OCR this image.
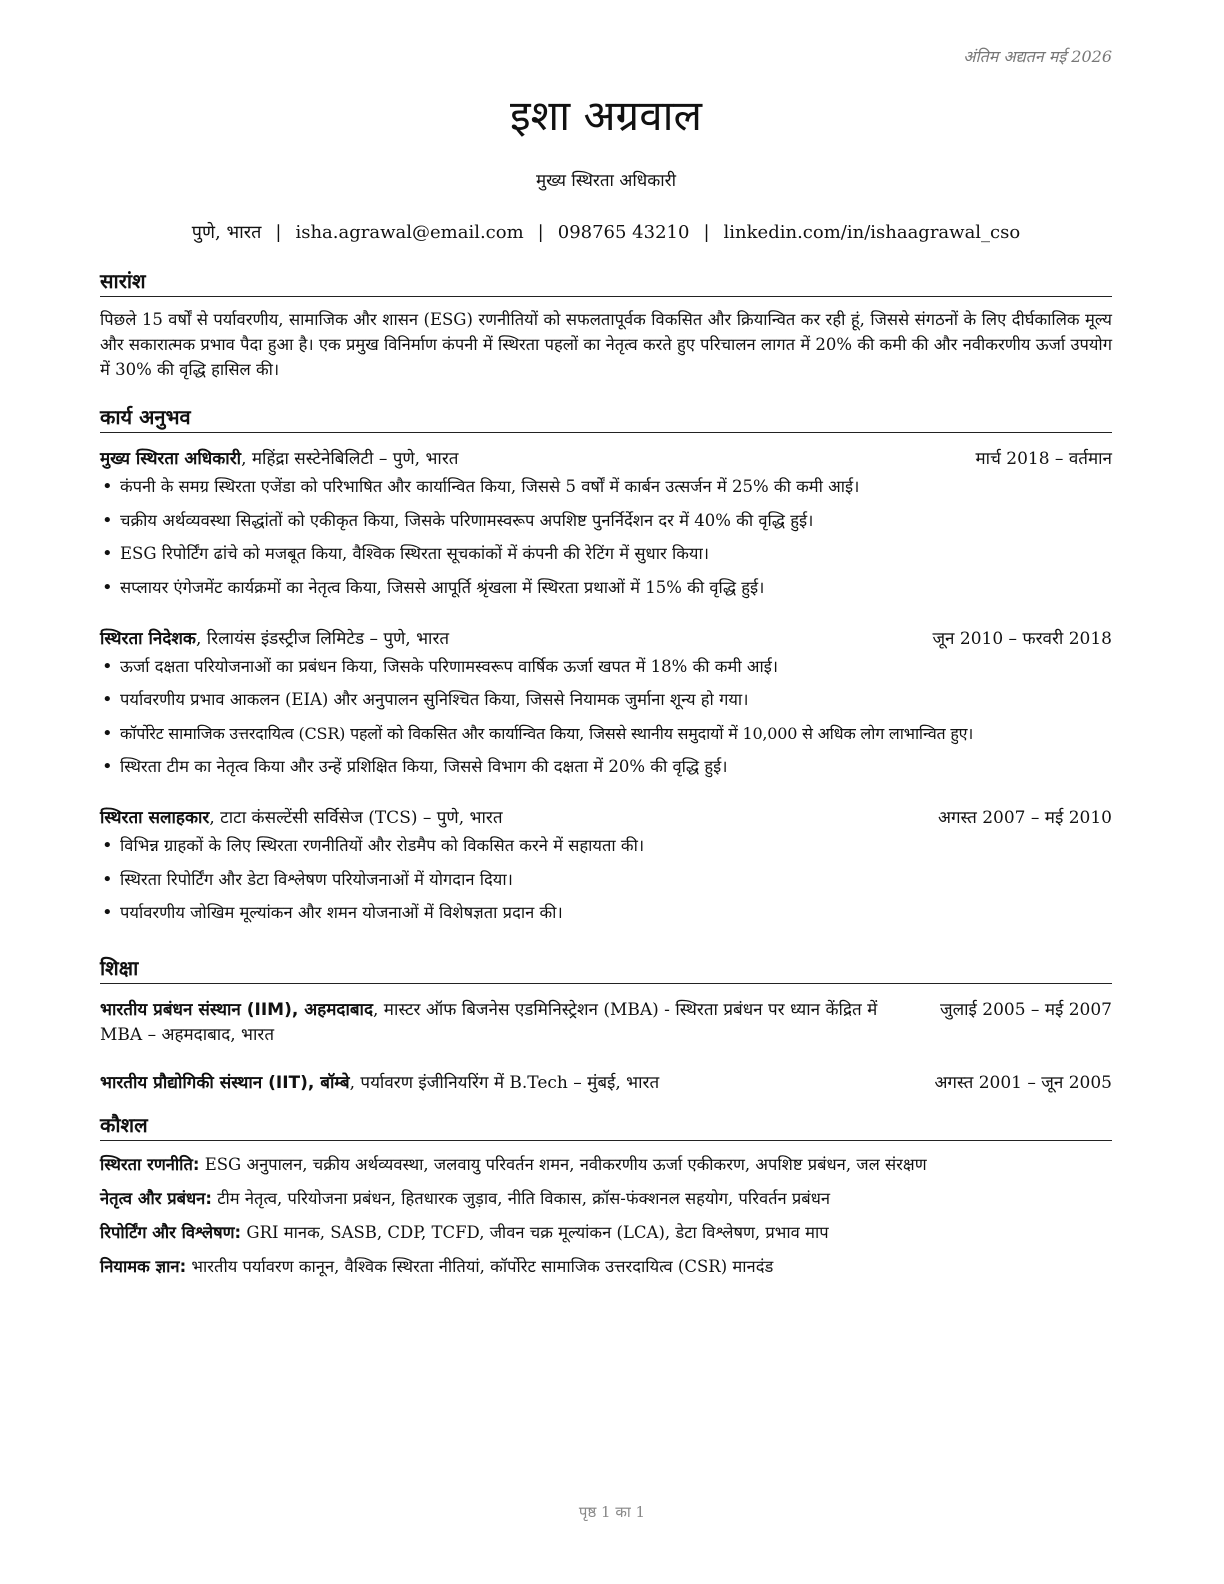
अंतिम अद्यतन मई 2026
इशा अग्रवाल
मुख्य स्थिरता अधिकारी
पुणे, भारत | isha.agrawal@email.com | 098765 43210 | linkedin.com/in/ishaagrawal_cso
सारांश
पिछले 15 वर्षों से पर्यावरणीय, सामाजिक और शासन (ESG) रणनीतियों को सफलतापूर्वक विकसित और क्रियान्वित कर रही हूं, जिससे संगठनों के लिए दीर्घकालिक मूल्य और सकारात्मक प्रभाव पैदा हुआ है। एक प्रमुख विनिर्माण कंपनी में स्थिरता पहलों का नेतृत्व करते हुए परिचालन लागत में 20% की कमी की और नवीकरणीय ऊर्जा उपयोग में 30% की वृद्धि हासिल की।
कार्य अनुभव
मुख्य स्थिरता अधिकारी, महिंद्रा सस्टेनेबिलिटी – पुणे, भारत	मार्च 2018 – वर्तमान
• कंपनी के समग्र स्थिरता एजेंडा को परिभाषित और कार्यान्वित किया, जिससे 5 वर्षों में कार्बन उत्सर्जन में 25% की कमी आई।
• चक्रीय अर्थव्यवस्था सिद्धांतों को एकीकृत किया, जिसके परिणामस्वरूप अपशिष्ट पुनर्निर्देशन दर में 40% की वृद्धि हुई।
• ESG रिपोर्टिंग ढांचे को मजबूत किया, वैश्विक स्थिरता सूचकांकों में कंपनी की रेटिंग में सुधार किया।
• सप्लायर एंगेजमेंट कार्यक्रमों का नेतृत्व किया, जिससे आपूर्ति श्रृंखला में स्थिरता प्रथाओं में 15% की वृद्धि हुई।
स्थिरता निदेशक, रिलायंस इंडस्ट्रीज लिमिटेड – पुणे, भारत	जून 2010 – फरवरी 2018
• ऊर्जा दक्षता परियोजनाओं का प्रबंधन किया, जिसके परिणामस्वरूप वार्षिक ऊर्जा खपत में 18% की कमी आई।
• पर्यावरणीय प्रभाव आकलन (EIA) और अनुपालन सुनिश्चित किया, जिससे नियामक जुर्माना शून्य हो गया।
• कॉर्पोरेट सामाजिक उत्तरदायित्व (CSR) पहलों को विकसित और कार्यान्वित किया, जिससे स्थानीय समुदायों में 10,000 से अधिक लोग लाभान्वित हुए।
• स्थिरता टीम का नेतृत्व किया और उन्हें प्रशिक्षित किया, जिससे विभाग की दक्षता में 20% की वृद्धि हुई।
स्थिरता सलाहकार, टाटा कंसल्टेंसी सर्विसेज (TCS) – पुणे, भारत	अगस्त 2007 – मई 2010
• विभिन्न ग्राहकों के लिए स्थिरता रणनीतियों और रोडमैप को विकसित करने में सहायता की।
• स्थिरता रिपोर्टिंग और डेटा विश्लेषण परियोजनाओं में योगदान दिया।
• पर्यावरणीय जोखिम मूल्यांकन और शमन योजनाओं में विशेषज्ञता प्रदान की।
शिक्षा
भारतीय प्रबंधन संस्थान (IIM), अहमदाबाद, मास्टर ऑफ बिजनेस एडमिनिस्ट्रेशन (MBA) - स्थिरता प्रबंधन पर ध्यान केंद्रित में MBA – अहमदाबाद, भारत
जुलाई 2005 – मई 2007
भारतीय प्रौद्योगिकी संस्थान (IIT), बॉम्बे, पर्यावरण इंजीनियरिंग में B.Tech – मुंबई, भारत	अगस्त 2001 – जून 2005
कौशल
स्थिरता रणनीति: ESG अनुपालन, चक्रीय अर्थव्यवस्था, जलवायु परिवर्तन शमन, नवीकरणीय ऊर्जा एकीकरण, अपशिष्ट प्रबंधन, जल संरक्षण
नेतृत्व और प्रबंधन: टीम नेतृत्व, परियोजना प्रबंधन, हितधारक जुड़ाव, नीति विकास, क्रॉस-फंक्शनल सहयोग, परिवर्तन प्रबंधन
रिपोर्टिंग और विश्लेषण: GRI मानक, SASB, CDP, TCFD, जीवन चक्र मूल्यांकन (LCA), डेटा विश्लेषण, प्रभाव माप
नियामक ज्ञान: भारतीय पर्यावरण कानून, वैश्विक स्थिरता नीतियां, कॉर्पोरेट सामाजिक उत्तरदायित्व (CSR) मानदंड
पृष्ठ 1 का 1
